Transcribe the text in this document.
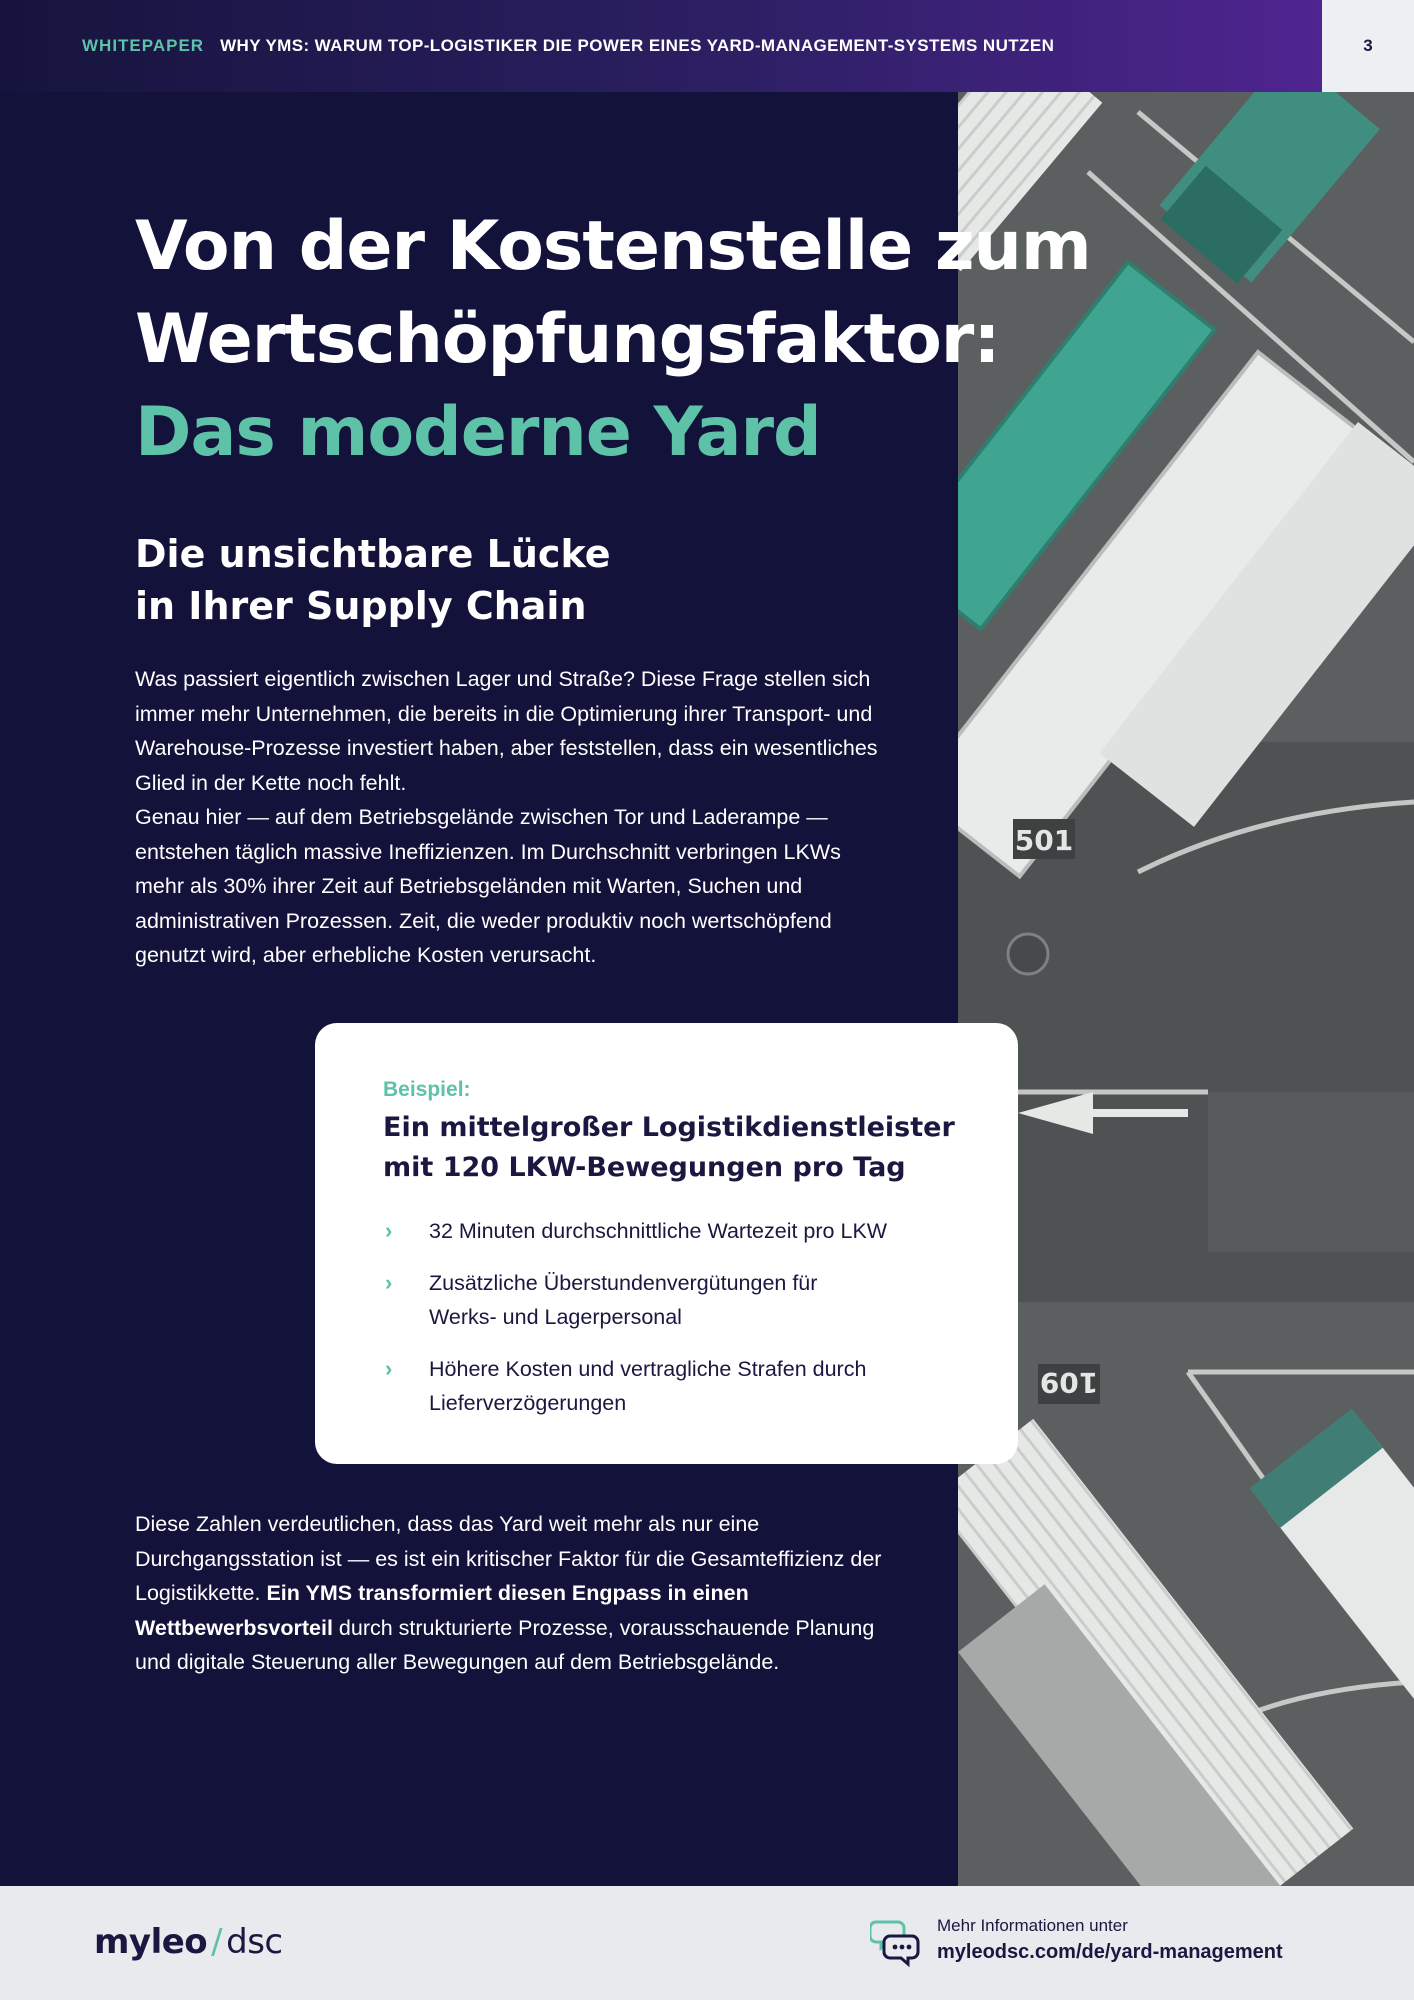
WHITEPAPER WHY YMS: WARUM TOP-LOGISTIKER DIE POWER EINES YARD-MANAGEMENT-SYSTEMS NUTZEN	3
501
109
Von der Kostenstelle zum
Wertschöpfungsfaktor:
Das moderne Yard
Die unsichtbare Lücke
in Ihrer Supply Chain

Was passiert eigentlich zwischen Lager und Straße? Diese Frage stellen sich immer mehr Unternehmen, die bereits in die Optimierung ihrer Transport- und Warehouse-Prozesse investiert haben, aber feststellen, dass ein wesentliches Glied in der Kette noch fehlt.

Genau hier — auf dem Betriebsgelände zwischen Tor und Laderampe — entstehen täglich massive Ineffizienzen. Im Durchschnitt verbringen LKWs mehr als 30% ihrer Zeit auf Betriebsgeländen mit Warten, Suchen und administrativen Prozessen. Zeit, die weder produktiv noch wertschöpfend genutzt wird, aber erhebliche Kosten verursacht.

Beispiel:
Ein mittelgroßer Logistikdienstleister
mit 120 LKW-Bewegungen pro Tag
› 32 Minuten durchschnittliche Wartezeit pro LKW
› Zusätzliche Überstundenvergütungen für
Werks- und Lagerpersonal
› Höhere Kosten und vertragliche Strafen durch
Lieferverzögerungen
Diese Zahlen verdeutlichen, dass das Yard weit mehr als nur eine Durchgangsstation ist — es ist ein kritischer Faktor für die Gesamteffizienz der Logistikkette. Ein YMS transformiert diesen Engpass in einen Wettbewerbsvorteil durch strukturierte Prozesse, vorausschauende Planung und digitale Steuerung aller Bewegungen auf dem Betriebsgelände.
myleo / dsc	Mehr Informationen unter
myleodsc.com/de/yard-management
